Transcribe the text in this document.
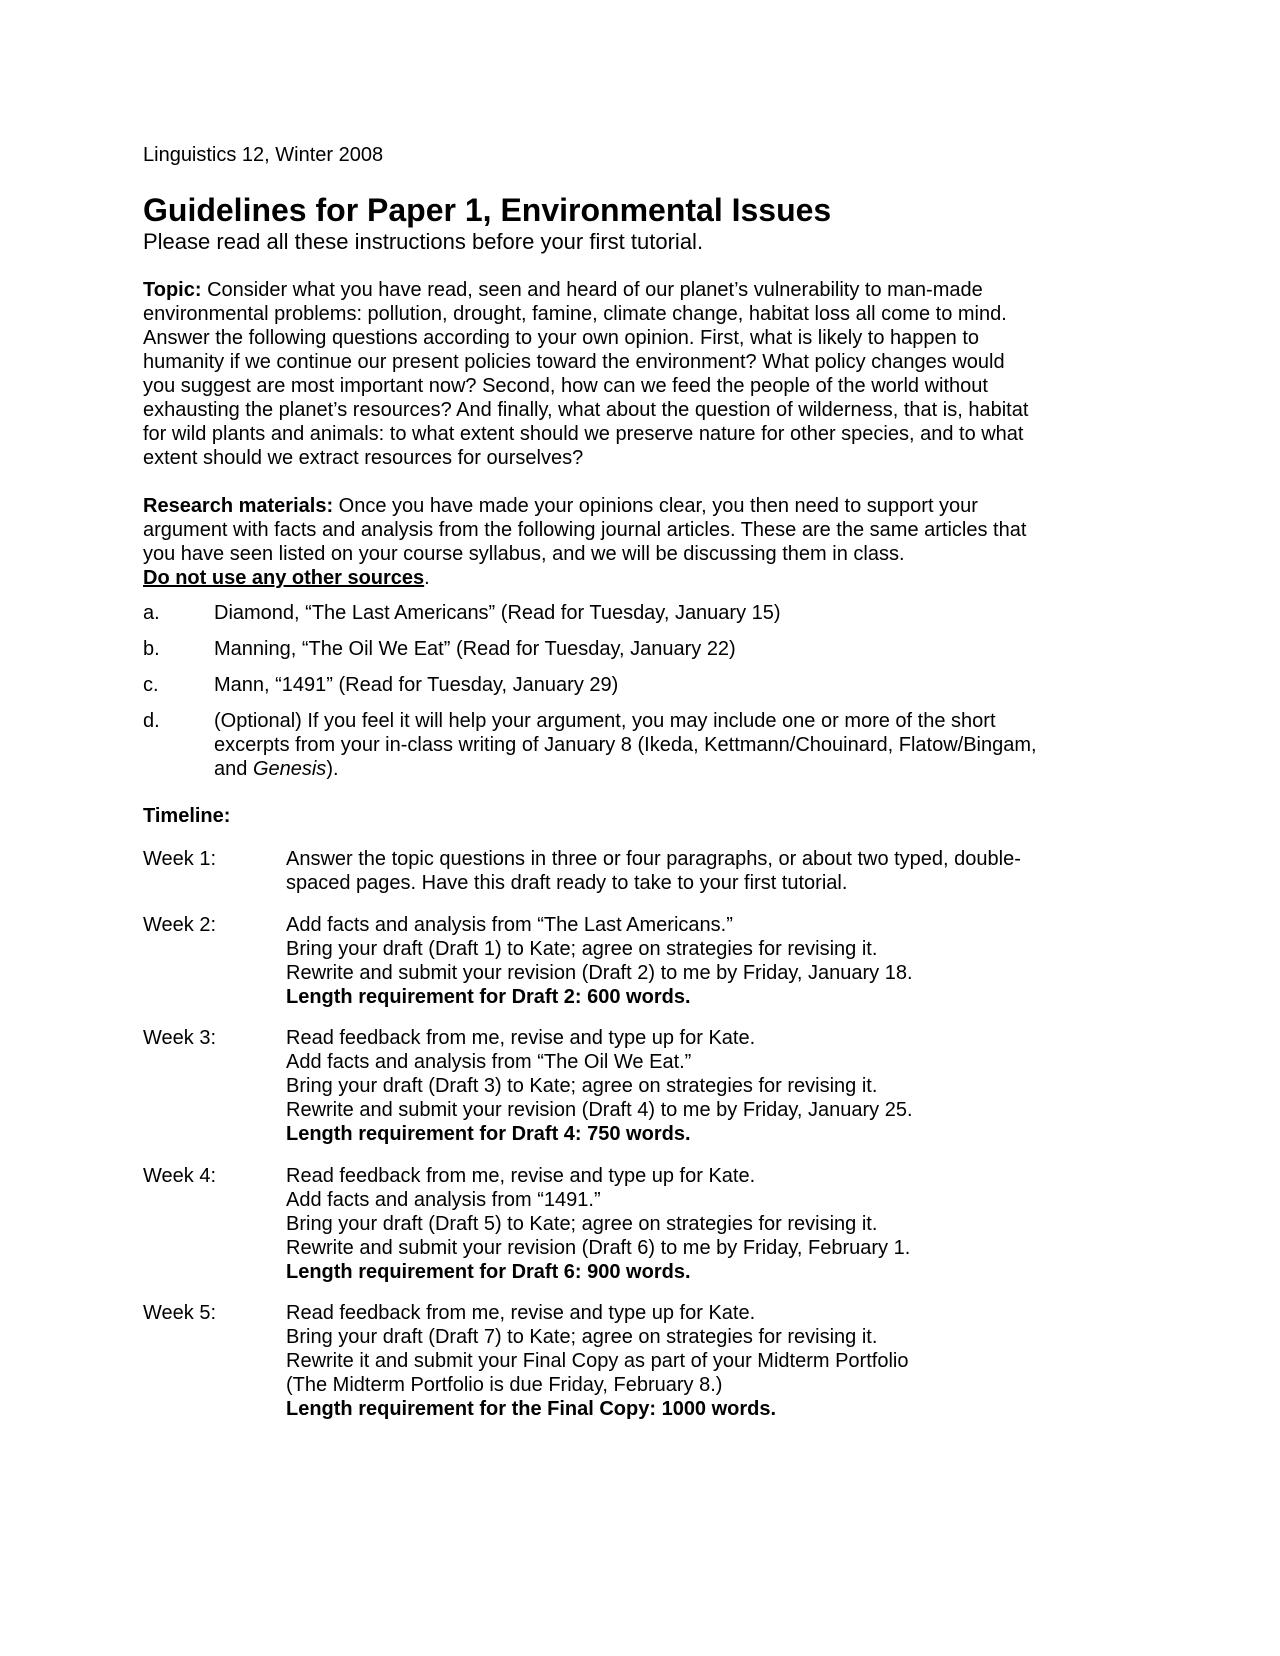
Linguistics 12, Winter 2008
Guidelines for Paper 1, Environmental Issues
Please read all these instructions before your first tutorial.
Topic: Consider what you have read, seen and heard of our planet’s vulnerability to man-made
environmental problems: pollution, drought, famine, climate change, habitat loss all come to mind.
Answer the following questions according to your own opinion. First, what is likely to happen to
humanity if we continue our present policies toward the environment? What policy changes would
you suggest are most important now? Second, how can we feed the people of the world without
exhausting the planet’s resources? And finally, what about the question of wilderness, that is, habitat
for wild plants and animals: to what extent should we preserve nature for other species, and to what
extent should we extract resources for ourselves?
Research materials: Once you have made your opinions clear, you then need to support your
argument with facts and analysis from the following journal articles. These are the same articles that
you have seen listed on your course syllabus, and we will be discussing them in class.
Do not use any other sources.
a.	Diamond, “The Last Americans” (Read for Tuesday, January 15)
b.	Manning, “The Oil We Eat” (Read for Tuesday, January 22)
c.	Mann, “1491” (Read for Tuesday, January 29)
d.	(Optional) If you feel it will help your argument, you may include one or more of the short
excerpts from your in-class writing of January 8 (Ikeda, Kettmann/Chouinard, Flatow/Bingam,
and Genesis).
Timeline:
Week 1:	Answer the topic questions in three or four paragraphs, or about two typed, double-
spaced pages. Have this draft ready to take to your first tutorial.
Week 2:	Add facts and analysis from “The Last Americans.”
Bring your draft (Draft 1) to Kate; agree on strategies for revising it.
Rewrite and submit your revision (Draft 2) to me by Friday, January 18.
Length requirement for Draft 2: 600 words.
Week 3:	Read feedback from me, revise and type up for Kate.
Add facts and analysis from “The Oil We Eat.”
Bring your draft (Draft 3) to Kate; agree on strategies for revising it.
Rewrite and submit your revision (Draft 4) to me by Friday, January 25.
Length requirement for Draft 4: 750 words.
Week 4:	Read feedback from me, revise and type up for Kate.
Add facts and analysis from “1491.”
Bring your draft (Draft 5) to Kate; agree on strategies for revising it.
Rewrite and submit your revision (Draft 6) to me by Friday, February 1.
Length requirement for Draft 6: 900 words.
Week 5:	Read feedback from me, revise and type up for Kate.
Bring your draft (Draft 7) to Kate; agree on strategies for revising it.
Rewrite it and submit your Final Copy as part of your Midterm Portfolio
(The Midterm Portfolio is due Friday, February 8.)
Length requirement for the Final Copy: 1000 words.
